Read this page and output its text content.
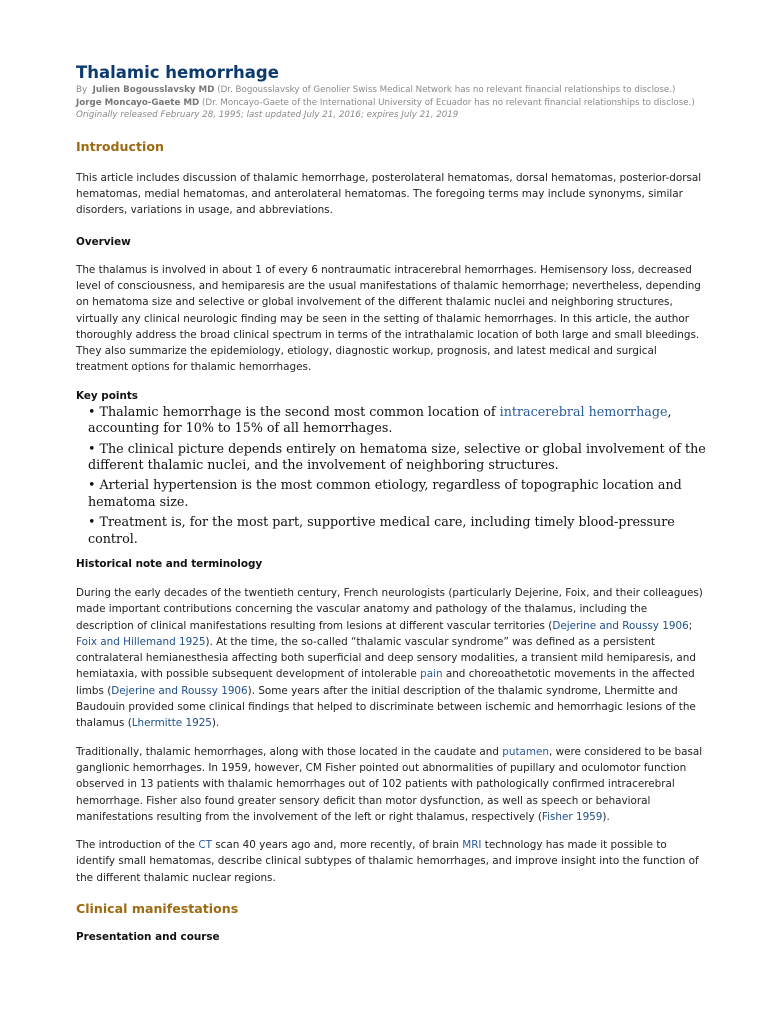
Thalamic hemorrhage
By Julien Bogousslavsky MD (Dr. Bogousslavsky of Genolier Swiss Medical Network has no relevant financial relationships to disclose.)
Jorge Moncayo-Gaete MD (Dr. Moncayo-Gaete of the International University of Ecuador has no relevant financial relationships to disclose.)
Originally released February 28, 1995; last updated July 21, 2016; expires July 21, 2019
Introduction

This article includes discussion of thalamic hemorrhage, posterolateral hematomas, dorsal hematomas, posterior-dorsal hematomas, medial hematomas, and anterolateral hematomas. The foregoing terms may include synonyms, similar disorders, variations in usage, and abbreviations.

Overview

The thalamus is involved in about 1 of every 6 nontraumatic intracerebral hemorrhages. Hemisensory loss, decreased level of consciousness, and hemiparesis are the usual manifestations of thalamic hemorrhage; nevertheless, depending on hematoma size and selective or global involvement of the different thalamic nuclei and neighboring structures, virtually any clinical neurologic finding may be seen in the setting of thalamic hemorrhages. In this article, the author thoroughly address the broad clinical spectrum in terms of the intrathalamic location of both large and small bleedings. They also summarize the epidemiology, etiology, diagnostic workup, prognosis, and latest medical and surgical treatment options for thalamic hemorrhages.

Key points
• Thalamic hemorrhage is the second most common location of intracerebral hemorrhage, accounting for 10% to 15% of all hemorrhages.
• The clinical picture depends entirely on hematoma size, selective or global involvement of the different thalamic nuclei, and the involvement of neighboring structures.
• Arterial hypertension is the most common etiology, regardless of topographic location and hematoma size.
• Treatment is, for the most part, supportive medical care, including timely blood-pressure control.
Historical note and terminology

During the early decades of the twentieth century, French neurologists (particularly Dejerine, Foix, and their colleagues) made important contributions concerning the vascular anatomy and pathology of the thalamus, including the description of clinical manifestations resulting from lesions at different vascular territories (Dejerine and Roussy 1906; Foix and Hillemand 1925). At the time, the so-called “thalamic vascular syndrome” was defined as a persistent contralateral hemianesthesia affecting both superficial and deep sensory modalities, a transient mild hemiparesis, and hemiataxia, with possible subsequent development of intolerable pain and choreoathetotic movements in the affected limbs (Dejerine and Roussy 1906). Some years after the initial description of the thalamic syndrome, Lhermitte and Baudouin provided some clinical findings that helped to discriminate between ischemic and hemorrhagic lesions of the thalamus (Lhermitte 1925).

Traditionally, thalamic hemorrhages, along with those located in the caudate and putamen, were considered to be basal ganglionic hemorrhages. In 1959, however, CM Fisher pointed out abnormalities of pupillary and oculomotor function observed in 13 patients with thalamic hemorrhages out of 102 patients with pathologically confirmed intracerebral hemorrhage. Fisher also found greater sensory deficit than motor dysfunction, as well as speech or behavioral manifestations resulting from the involvement of the left or right thalamus, respectively (Fisher 1959).

The introduction of the CT scan 40 years ago and, more recently, of brain MRI technology has made it possible to identify small hematomas, describe clinical subtypes of thalamic hemorrhages, and improve insight into the function of the different thalamic nuclear regions.

Clinical manifestations
Presentation and course
